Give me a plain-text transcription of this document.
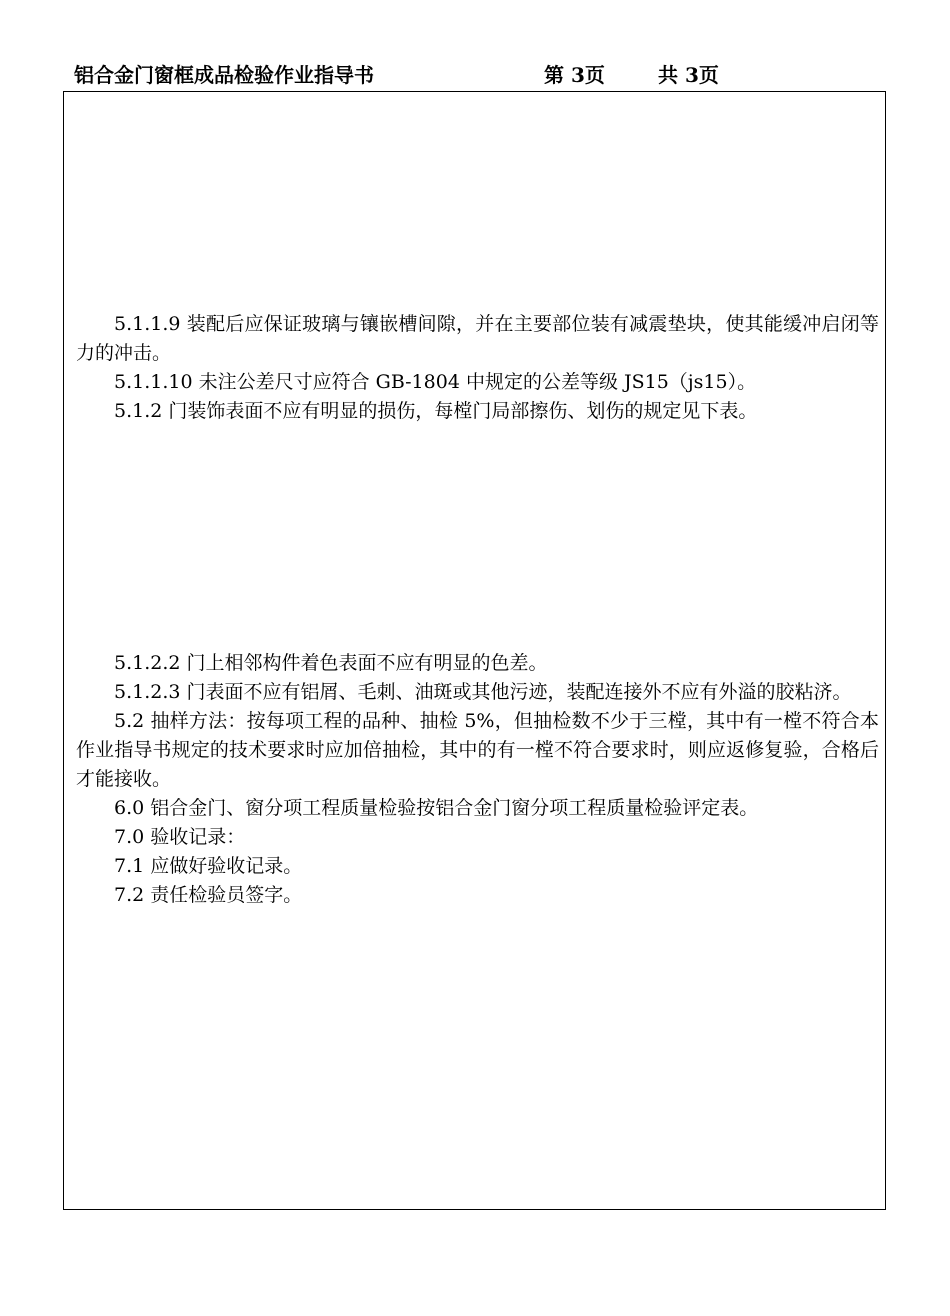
铝合金门窗框成品检验作业指导书	第 3页	共 3页

5.1.1.9 装配后应保证玻璃与镶嵌槽间隙，并在主要部位装有减震垫块，使其能缓冲启闭等力的冲击。

5.1.1.10 未注公差尺寸应符合 GB-1804 中规定的公差等级 JS15（js15）。

5.1.2 门装饰表面不应有明显的损伤，每樘门局部擦伤、划伤的规定见下表。

5.1.2.2 门上相邻构件着色表面不应有明显的色差。

5.1.2.3 门表面不应有铝屑、毛刺、油斑或其他污迹，装配连接外不应有外溢的胶粘济。

5.2 抽样方法：按每项工程的品种、抽检 5%，但抽检数不少于三樘，其中有一樘不符合本作业指导书规定的技术要求时应加倍抽检，其中的有一樘不符合要求时，则应返修复验，合格后才能接收。

6.0 铝合金门、窗分项工程质量检验按铝合金门窗分项工程质量检验评定表。

7.0 验收记录：

7.1 应做好验收记录。

7.2 责任检验员签字。
